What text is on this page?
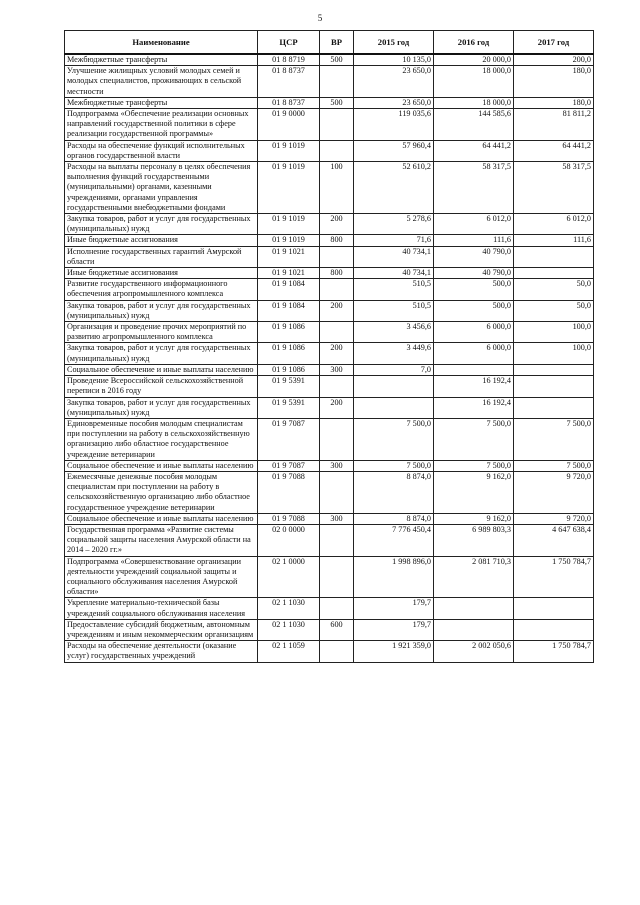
5
Наименование	ЦСР	ВР	2015 год	2016 год	2017 год
Межбюджетные трансферты	01 8 8719	500	10 135,0	20 000,0	200,0
Улучшение жилищных условий молодых семей и молодых специалистов, проживающих в сельской местности	01 8 8737		23 650,0	18 000,0	180,0
Межбюджетные трансферты	01 8 8737	500	23 650,0	18 000,0	180,0
Подпрограмма «Обеспечение реализации основных направлений государственной политики в сфере реализации государственной программы»	01 9 0000		119 035,6	144 585,6	81 811,2
Расходы на обеспечение функций исполнительных органов государственной власти	01 9 1019		57 960,4	64 441,2	64 441,2
Расходы на выплаты персоналу в целях обеспечения выполнения функций государственными (муниципальными) органами, казенными учреждениями, органами управления государственными внебюджетными фондами	01 9 1019	100	52 610,2	58 317,5	58 317,5
Закупка товаров, работ и услуг для государственных (муниципальных) нужд	01 9 1019	200	5 278,6	6 012,0	6 012,0
Иные бюджетные ассигнования	01 9 1019	800	71,6	111,6	111,6
Исполнение государственных гарантий Амурской области	01 9 1021		40 734,1	40 790,0	
Иные бюджетные ассигнования	01 9 1021	800	40 734,1	40 790,0	
Развитие государственного информационного обеспечения агропромышленного комплекса	01 9 1084		510,5	500,0	50,0
Закупка товаров, работ и услуг для государственных (муниципальных) нужд	01 9 1084	200	510,5	500,0	50,0
Организация и проведение прочих мероприятий по развитию агропромышленного комплекса	01 9 1086		3 456,6	6 000,0	100,0
Закупка товаров, работ и услуг для государственных (муниципальных) нужд	01 9 1086	200	3 449,6	6 000,0	100,0
Социальное обеспечение и иные выплаты населению	01 9 1086	300	7,0		
Проведение Всероссийской сельскохозяйственной переписи в 2016 году	01 9 5391			16 192,4	
Закупка товаров, работ и услуг для государственных (муниципальных) нужд	01 9 5391	200		16 192,4	
Единовременные пособия молодым специалистам при поступлении на работу в сельскохозяйственную организацию либо областное государственное учреждение ветеринарии	01 9 7087		7 500,0	7 500,0	7 500,0
Социальное обеспечение и иные выплаты населению	01 9 7087	300	7 500,0	7 500,0	7 500,0
Ежемесячные денежные пособия молодым специалистам при поступлении на работу в сельскохозяйственную организацию либо областное государственное учреждение ветеринарии	01 9 7088		8 874,0	9 162,0	9 720,0
Социальное обеспечение и иные выплаты населению	01 9 7088	300	8 874,0	9 162,0	9 720,0
Государственная программа «Развитие системы социальной защиты населения Амурской области на 2014 – 2020 гг.»	02 0 0000		7 776 450,4	6 989 803,3	4 647 638,4
Подпрограмма «Совершенствование организации деятельности учреждений социальной защиты и социального обслуживания населения Амурской области»	02 1 0000		1 998 896,0	2 081 710,3	1 750 784,7
Укрепление материально-технической базы учреждений социального обслуживания населения	02 1 1030		179,7		
Предоставление субсидий бюджетным, автономным учреждениям и иным некоммерческим организациям	02 1 1030	600	179,7		
Расходы на обеспечение деятельности (оказание услуг) государственных учреждений	02 1 1059		1 921 359,0	2 002 050,6	1 750 784,7
